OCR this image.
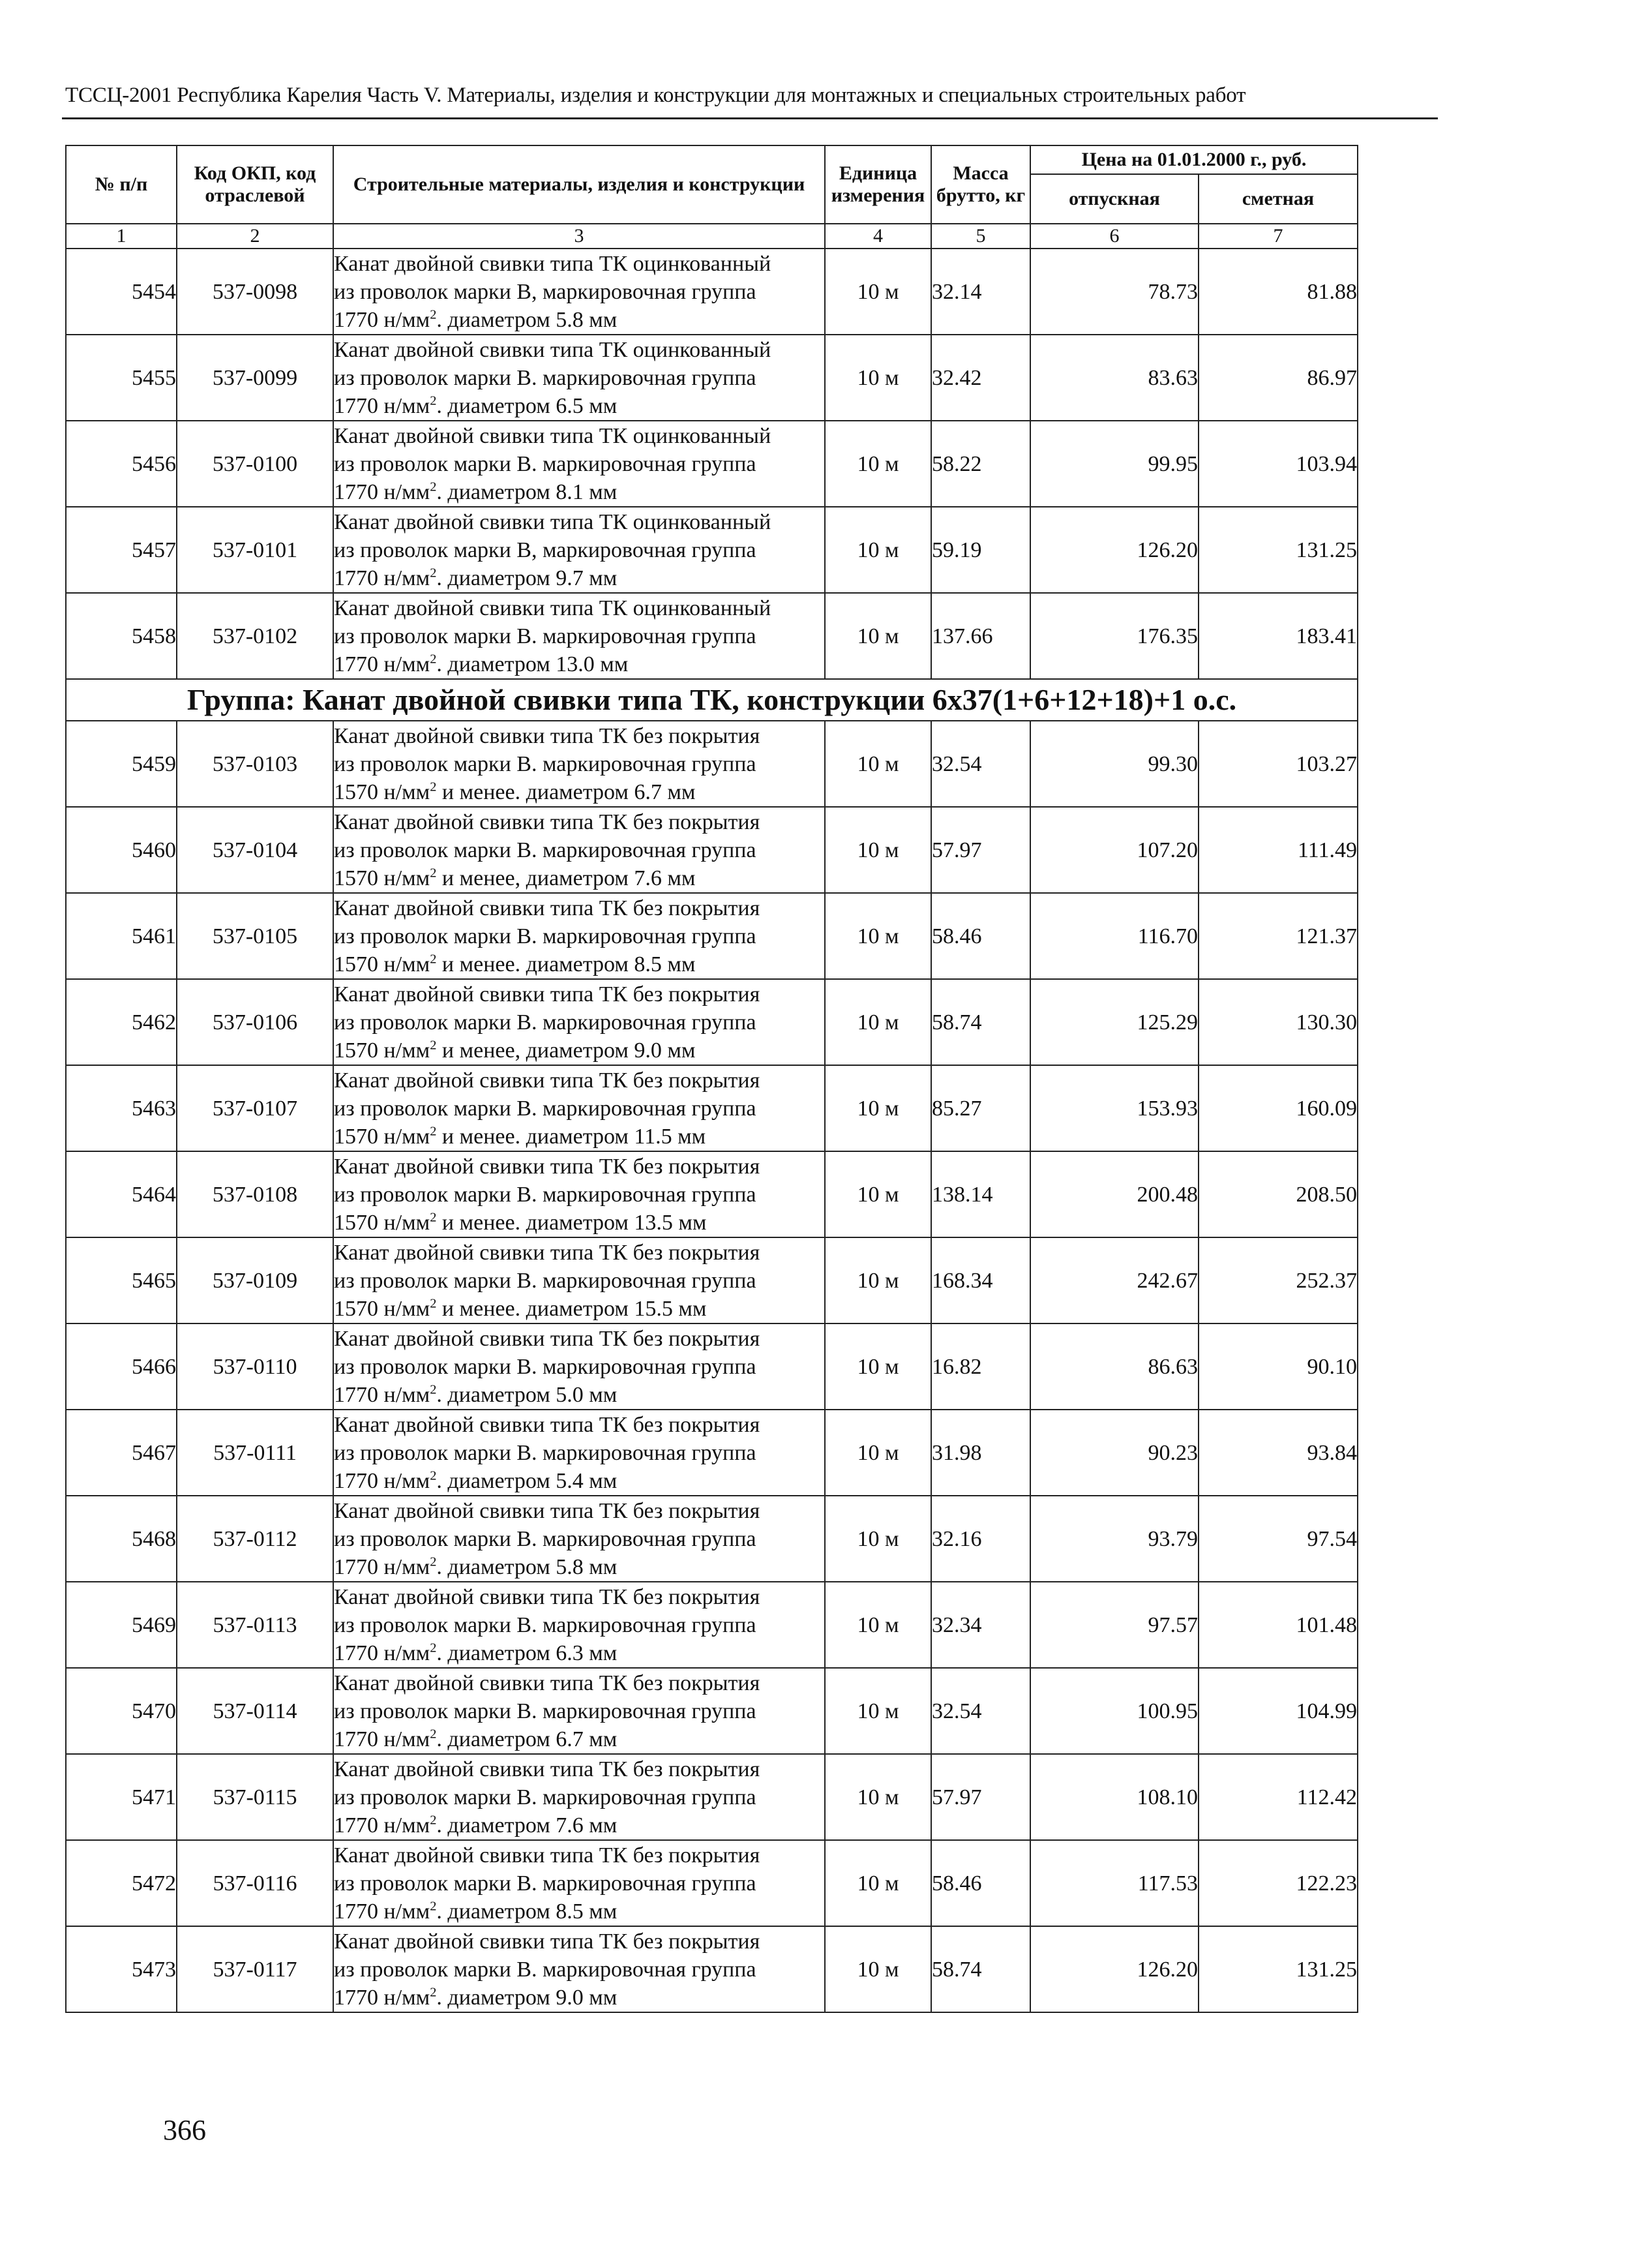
ТССЦ-2001 Республика Карелия Часть V. Материалы, изделия и конструкции для монтажных и специальных строительных работ
№ п/п	Код ОКП, код отраслевой	Строительные материалы, изделия и конструкции	Единица измерения	Масса брутто, кг	Цена на 01.01.2000 г., руб.	
					отпускная	сметная
1	2	3	4	5	6	7
5454	537-0098	Канат двойной свивки типа ТК оцинкованный
из проволок марки В, маркировочная группа
1770 $н/мм^2$. диаметром 5.8 мм	10 м	32.14	78.73	81.88
5455	537-0099	Канат двойной свивки типа ТК оцинкованный
из проволок марки В. маркировочная группа
1770 $н/мм^2$. диаметром 6.5 мм	10 м	32.42	83.63	86.97
5456	537-0100	Канат двойной свивки типа ТК оцинкованный
из проволок марки В. маркировочная группа
1770 $н/мм^2$. диаметром 8.1 мм	10 м	58.22	99.95	103.94
5457	537-0101	Канат двойной свивки типа ТК оцинкованный
из проволок марки В, маркировочная группа
1770 $н/мм^2$. диаметром 9.7 мм	10 м	59.19	126.20	131.25
5458	537-0102	Канат двойной свивки типа ТК оцинкованный
из проволок марки В. маркировочная группа
1770 $н/мм^2$. диаметром 13.0 мм	10 м	137.66	176.35	183.41
Группа: Канат двойной свивки типа ТК, конструкции 6х37(1+6+12+18)+1 о.с.						
5459	537-0103	Канат двойной свивки типа ТК без покрытия
из проволок марки В. маркировочная группа
1570 $н/мм^2$ и менее. диаметром 6.7 мм	10 м	32.54	99.30	103.27
5460	537-0104	Канат двойной свивки типа ТК без покрытия
из проволок марки В. маркировочная группа
1570 $н/мм^2$ и менее, диаметром 7.6 мм	10 м	57.97	107.20	111.49
5461	537-0105	Канат двойной свивки типа ТК без покрытия
из проволок марки В. маркировочная группа
1570 $н/мм^2$ и менее. диаметром 8.5 мм	10 м	58.46	116.70	121.37
5462	537-0106	Канат двойной свивки типа ТК без покрытия
из проволок марки В. маркировочная группа
1570 $н/мм^2$ и менее, диаметром 9.0 мм	10 м	58.74	125.29	130.30
5463	537-0107	Канат двойной свивки типа ТК без покрытия
из проволок марки В. маркировочная группа
1570 $н/мм^2$ и менее. диаметром 11.5 мм	10 м	85.27	153.93	160.09
5464	537-0108	Канат двойной свивки типа ТК без покрытия
из проволок марки В. маркировочная группа
1570 $н/мм^2$ и менее. диаметром 13.5 мм	10 м	138.14	200.48	208.50
5465	537-0109	Канат двойной свивки типа ТК без покрытия
из проволок марки В. маркировочная группа
1570 $н/мм^2$ и менее. диаметром 15.5 мм	10 м	168.34	242.67	252.37
5466	537-0110	Канат двойной свивки типа ТК без покрытия
из проволок марки В. маркировочная группа
1770 $н/мм^2$. диаметром 5.0 мм	10 м	16.82	86.63	90.10
5467	537-0111	Канат двойной свивки типа ТК без покрытия
из проволок марки В. маркировочная группа
1770 $н/мм^2$. диаметром 5.4 мм	10 м	31.98	90.23	93.84
5468	537-0112	Канат двойной свивки типа ТК без покрытия
из проволок марки В. маркировочная группа
1770 $н/мм^2$. диаметром 5.8 мм	10 м	32.16	93.79	97.54
5469	537-0113	Канат двойной свивки типа ТК без покрытия
из проволок марки В. маркировочная группа
1770 $н/мм^2$. диаметром 6.3 мм	10 м	32.34	97.57	101.48
5470	537-0114	Канат двойной свивки типа ТК без покрытия
из проволок марки В. маркировочная группа
1770 $н/мм^2$. диаметром 6.7 мм	10 м	32.54	100.95	104.99
5471	537-0115	Канат двойной свивки типа ТК без покрытия
из проволок марки В. маркировочная группа
1770 $н/мм^2$. диаметром 7.6 мм	10 м	57.97	108.10	112.42
5472	537-0116	Канат двойной свивки типа ТК без покрытия
из проволок марки В. маркировочная группа
1770 $н/мм^2$. диаметром 8.5 мм	10 м	58.46	117.53	122.23
5473	537-0117	Канат двойной свивки типа ТК без покрытия
из проволок марки В. маркировочная группа
1770 $н/мм^2$. диаметром 9.0 мм	10 м	58.74	126.20	131.25
366
